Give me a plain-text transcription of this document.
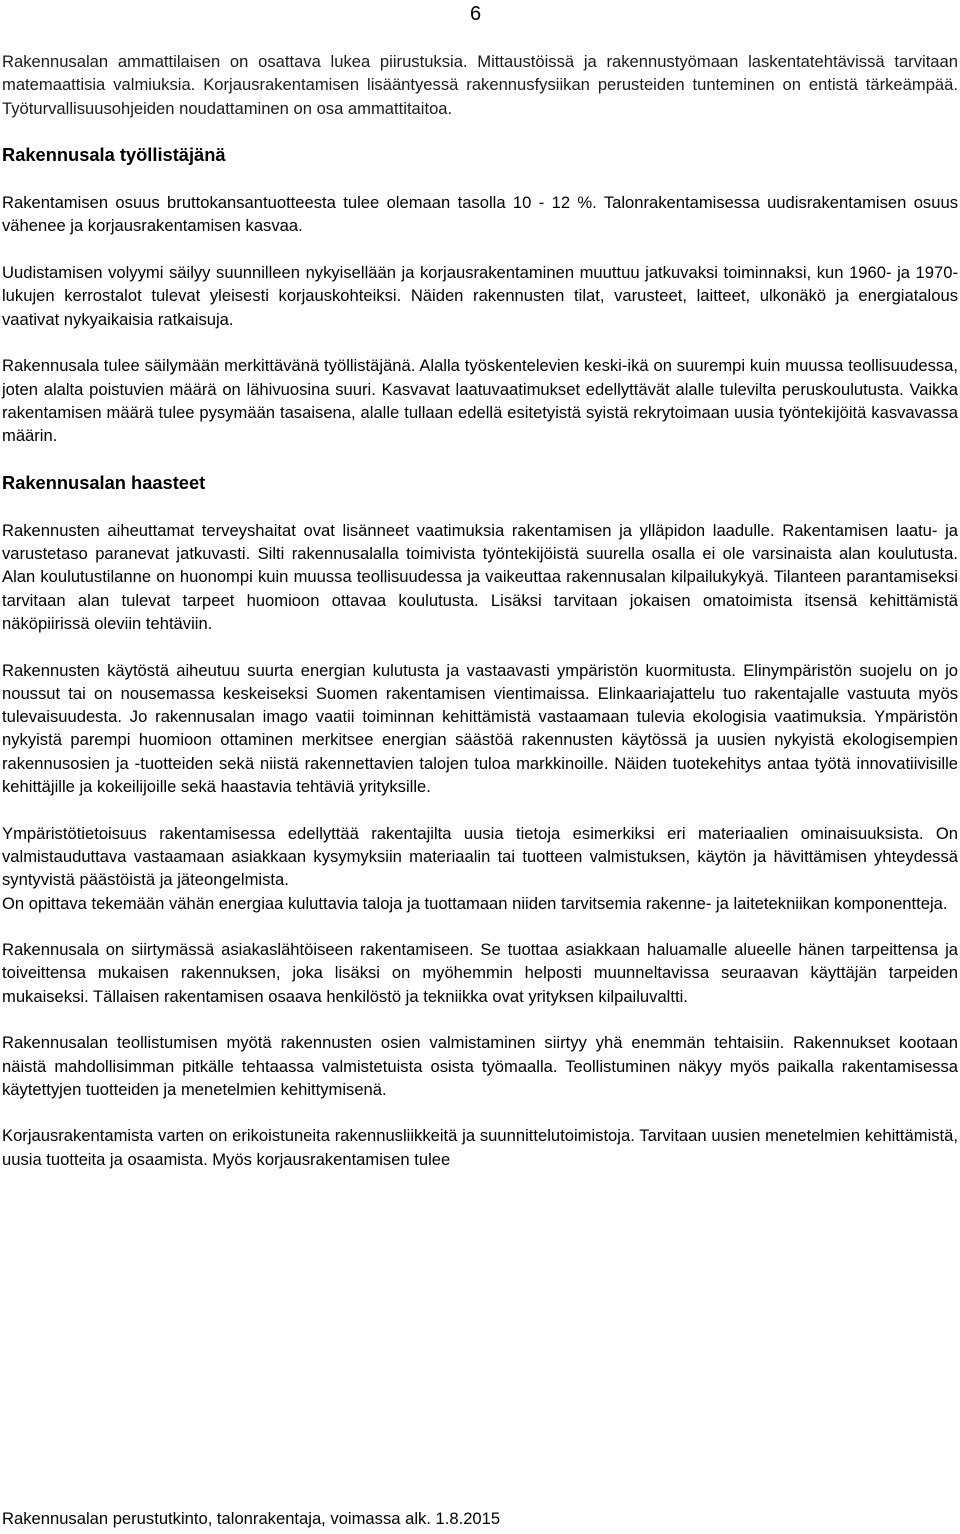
6

Rakennusalan ammattilaisen on osattava lukea piirustuksia. Mittaustöissä ja rakennustyömaan laskentatehtävissä tarvitaan matemaattisia valmiuksia. Korjausrakentamisen lisääntyessä rakennusfysiikan perusteiden tunteminen on entistä tärkeämpää. Työturvallisuusohjeiden noudattaminen on osa ammattitaitoa.

Rakennusala työllistäjänä

Rakentamisen osuus bruttokansantuotteesta tulee olemaan tasolla 10 - 12 %. Talonrakentamisessa uudisrakentamisen osuus vähenee ja korjausrakentamisen kasvaa.

Uudistamisen volyymi säilyy suunnilleen nykyisellään ja korjausrakentaminen muuttuu jatkuvaksi toiminnaksi, kun 1960- ja 1970-lukujen kerrostalot tulevat yleisesti korjauskohteiksi. Näiden rakennusten tilat, varusteet, laitteet, ulkonäkö ja energiatalous vaativat nykyaikaisia ratkaisuja.

Rakennusala tulee säilymään merkittävänä työllistäjänä. Alalla työskentelevien keski-ikä on suurempi kuin muussa teollisuudessa, joten alalta poistuvien määrä on lähivuosina suuri. Kasvavat laatuvaatimukset edellyttävät alalle tulevilta peruskoulutusta. Vaikka rakentamisen määrä tulee pysymään tasaisena, alalle tullaan edellä esitetyistä syistä rekrytoimaan uusia työntekijöitä kasvavassa määrin.

Rakennusalan haasteet

Rakennusten aiheuttamat terveyshaitat ovat lisänneet vaatimuksia rakentamisen ja ylläpidon laadulle. Rakentamisen laatu- ja varustetaso paranevat jatkuvasti. Silti rakennusalalla toimivista työntekijöistä suurella osalla ei ole varsinaista alan koulutusta. Alan koulutustilanne on huonompi kuin muussa teollisuudessa ja vaikeuttaa rakennusalan kilpailukykyä. Tilanteen parantamiseksi tarvitaan alan tulevat tarpeet huomioon ottavaa koulutusta. Lisäksi tarvitaan jokaisen omatoimista itsensä kehittämistä näköpiirissä oleviin tehtäviin.

Rakennusten käytöstä aiheutuu suurta energian kulutusta ja vastaavasti ympäristön kuormitusta. Elinympäristön suojelu on jo noussut tai on nousemassa keskeiseksi Suomen rakentamisen vientimaissa. Elinkaariajattelu tuo rakentajalle vastuuta myös tulevaisuudesta. Jo rakennusalan imago vaatii toiminnan kehittämistä vastaamaan tulevia ekologisia vaatimuksia. Ympäristön nykyistä parempi huomioon ottaminen merkitsee energian säästöä rakennusten käytössä ja uusien nykyistä ekologisempien rakennusosien ja -tuotteiden sekä niistä rakennettavien talojen tuloa markkinoille. Näiden tuotekehitys antaa työtä innovatiivisille kehittäjille ja kokeilijoille sekä haastavia tehtäviä yrityksille.

Ympäristötietoisuus rakentamisessa edellyttää rakentajilta uusia tietoja esimerkiksi eri materiaalien ominaisuuksista. On valmistauduttava vastaamaan asiakkaan kysymyksiin materiaalin tai tuotteen valmistuksen, käytön ja hävittämisen yhteydessä syntyvistä päästöistä ja jäteongelmista.

On opittava tekemään vähän energiaa kuluttavia taloja ja tuottamaan niiden tarvitsemia rakenne- ja laitetekniikan komponentteja.

Rakennusala on siirtymässä asiakaslähtöiseen rakentamiseen. Se tuottaa asiakkaan haluamalle alueelle hänen tarpeittensa ja toiveittensa mukaisen rakennuksen, joka lisäksi on myöhemmin helposti muunneltavissa seuraavan käyttäjän tarpeiden mukaiseksi. Tällaisen rakentamisen osaava henkilöstö ja tekniikka ovat yrityksen kilpailuvaltti.

Rakennusalan teollistumisen myötä rakennusten osien valmistaminen siirtyy yhä enemmän tehtaisiin. Rakennukset kootaan näistä mahdollisimman pitkälle tehtaassa valmistetuista osista työmaalla. Teollistuminen näkyy myös paikalla rakentamisessa käytettyjen tuotteiden ja menetelmien kehittymisenä.

Korjausrakentamista varten on erikoistuneita rakennusliikkeitä ja suunnittelutoimistoja. Tarvitaan uusien menetelmien kehittämistä, uusia tuotteita ja osaamista. Myös korjausrakentamisen tulee

Rakennusalan perustutkinto, talonrakentaja, voimassa alk. 1.8.2015
